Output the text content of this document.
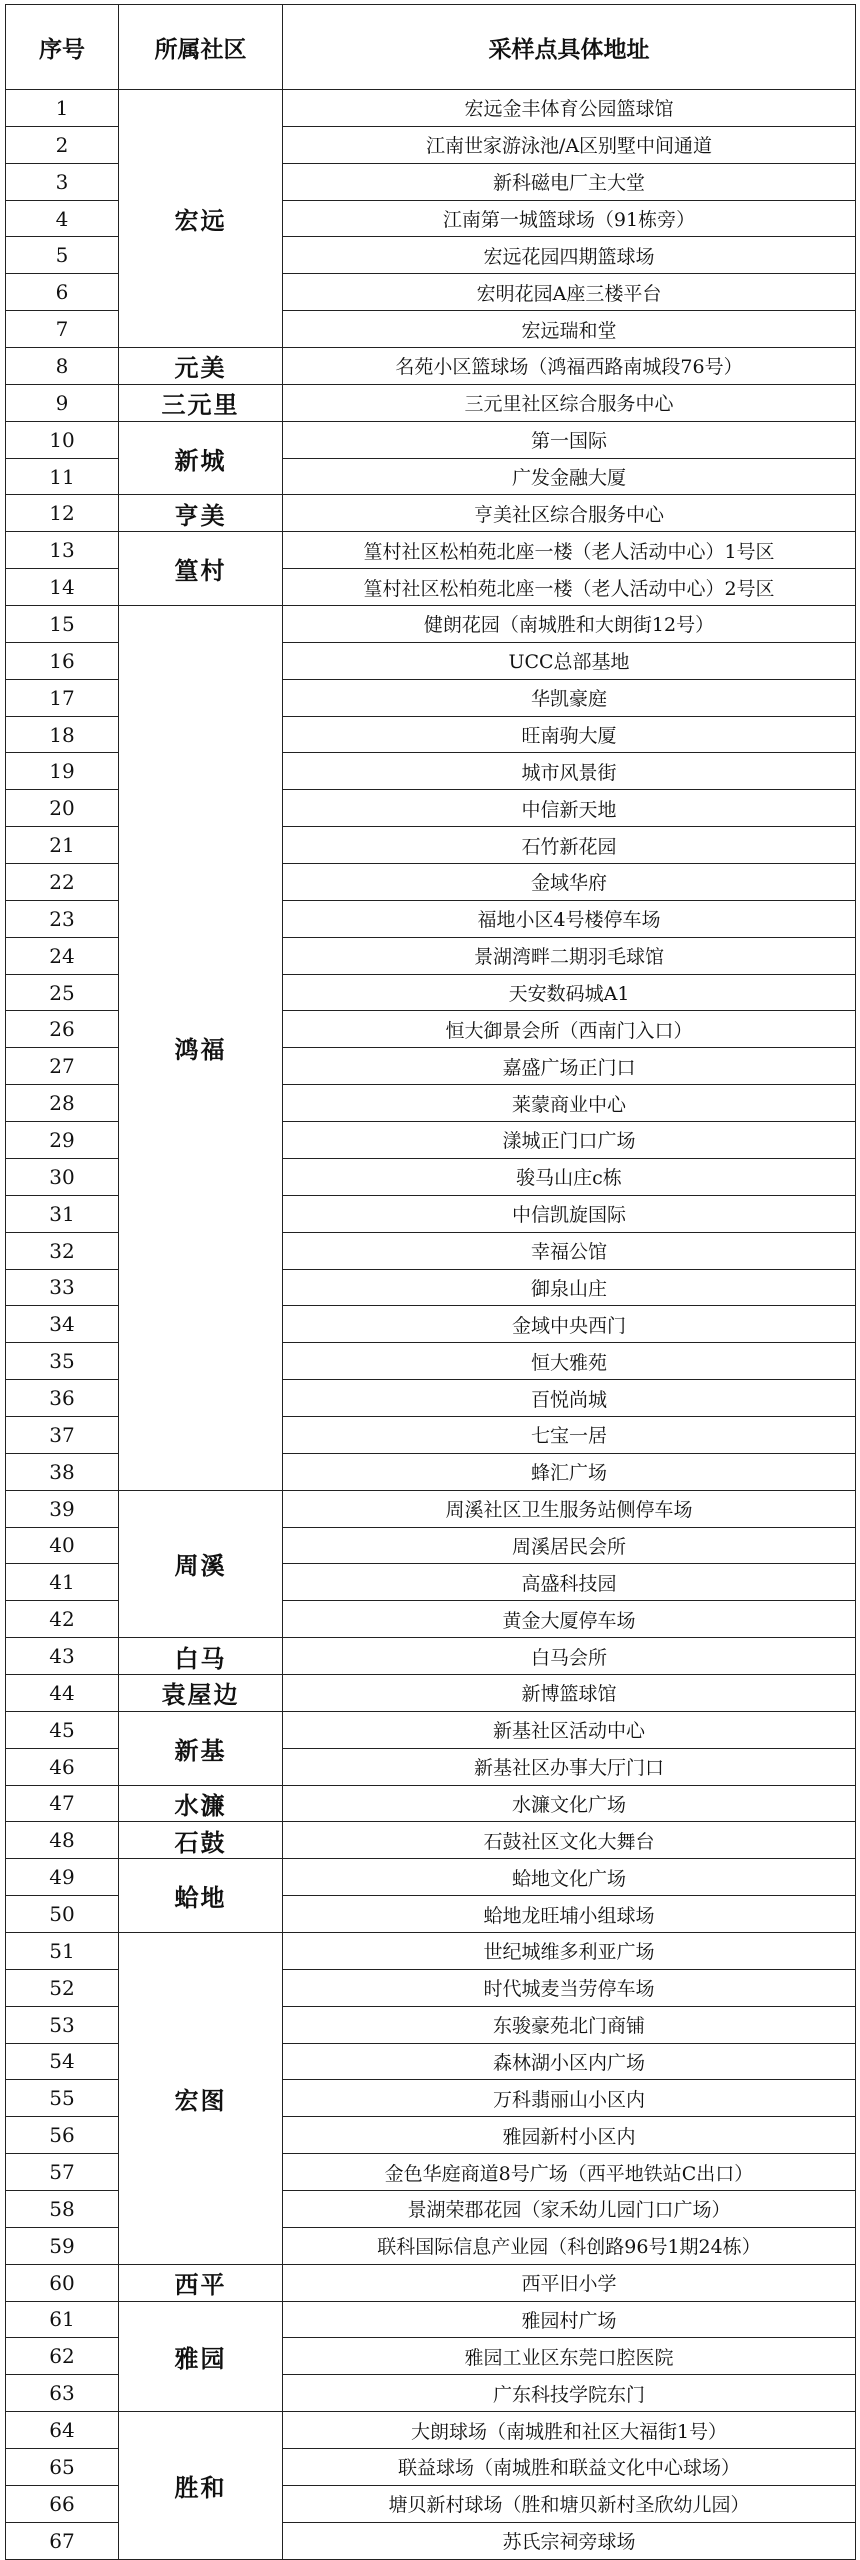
序号	所属社区	采样点具体地址
1	宏远	宏远金丰体育公园篮球馆
2		江南世家游泳池/A区别墅中间通道
3		新科磁电厂主大堂
4		江南第一城篮球场（91栋旁）
5		宏远花园四期篮球场
6		宏明花园A座三楼平台
7		宏远瑞和堂
8	元美	名苑小区篮球场（鸿福西路南城段76号）
9	三元里	三元里社区综合服务中心
10	新城	第一国际
11		广发金融大厦
12	亨美	亨美社区综合服务中心
13	篁村	篁村社区松柏苑北座一楼（老人活动中心）1号区
14		篁村社区松柏苑北座一楼（老人活动中心）2号区
15	鸿福	健朗花园（南城胜和大朗街12号）
16		UCC总部基地
17		华凯豪庭
18		旺南驹大厦
19		城市风景街
20		中信新天地
21		石竹新花园
22		金域华府
23		福地小区4号楼停车场
24		景湖湾畔二期羽毛球馆
25		天安数码城A1
26		恒大御景会所（西南门入口）
27		嘉盛广场正门口
28		莱蒙商业中心
29		漾城正门口广场
30		骏马山庄c栋
31		中信凯旋国际
32		幸福公馆
33		御泉山庄
34		金域中央西门
35		恒大雅苑
36		百悦尚城
37		七宝一居
38		蜂汇广场
39	周溪	周溪社区卫生服务站侧停车场
40		周溪居民会所
41		高盛科技园
42		黄金大厦停车场
43	白马	白马会所
44	袁屋边	新博篮球馆
45	新基	新基社区活动中心
46		新基社区办事大厅门口
47	水濂	水濂文化广场
48	石鼓	石鼓社区文化大舞台
49	蛤地	蛤地文化广场
50		蛤地龙旺埔小组球场
51	宏图	世纪城维多利亚广场
52		时代城麦当劳停车场
53		东骏豪苑北门商铺
54		森林湖小区内广场
55		万科翡丽山小区内
56		雅园新村小区内
57		金色华庭商道8号广场（西平地铁站C出口）
58		景湖荣郡花园（家禾幼儿园门口广场）
59		联科国际信息产业园（科创路96号1期24栋）
60	西平	西平旧小学
61	雅园	雅园村广场
62		雅园工业区东莞口腔医院
63		广东科技学院东门
64	胜和	大朗球场（南城胜和社区大福街1号）
65		联益球场（南城胜和联益文化中心球场）
66		塘贝新村球场（胜和塘贝新村圣欣幼儿园）
67		苏氏宗祠旁球场
